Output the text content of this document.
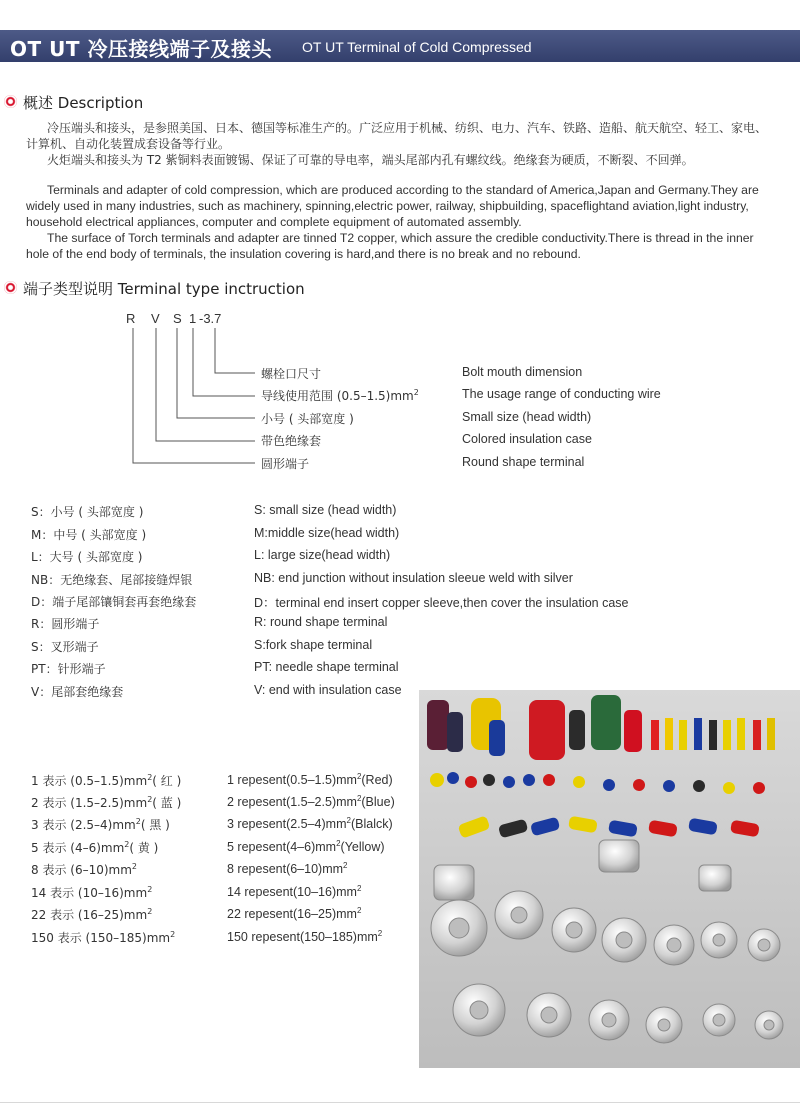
OT UT 冷压接线端子及接头 OT UT Terminal of Cold Compressed
概述 Description
冷压端头和接头，是参照美国、日本、德国等标准生产的。广泛应用于机械、纺织、电力、汽车、铁路、造船、航天航空、轻工、家电、
计算机、自动化装置成套设备等行业。
火炬端头和接头为 T2 紫铜料表面镀锡、保证了可靠的导电率，端头尾部内孔有螺纹线。绝缘套为硬质，不断裂、不回弹。
Terminals and adapter of cold compression, which are produced according to the standard of America,Japan and Germany.They are
widely used in many industries, such as machinery, spinning,electric power, railway, shipbuilding, spaceflightand aviation,light industry,
household electrical appliances, computer and complete equipment of automated assembly.
The surface of Torch terminals and adapter are tinned T2 copper, which assure the credible conductivity.There is thread in the inner
hole of the end body of terminals, the insulation covering is hard,and there is no break and no rebound.
端子类型说明 Terminal type inctruction
R V S 1 -3.7
螺栓口尺寸	Bolt mouth dimension
导线使用范围 $(0.5-1.5)mm^2$	The usage range of conducting wire
小号 ( 头部宽度 )	Small size (head width)
带色绝缘套	Colored insulation case
圆形端子	Round shape terminal
S：小号 ( 头部宽度 )	S: small size (head width)
M：中号 ( 头部宽度 )	M:middle size(head width)
L：大号 ( 头部宽度 )	L: large size(head width)
NB：无绝缘套、尾部接缝焊银	NB: end junction without insulation sleeue weld with silver
D：端子尾部镶铜套再套绝缘套	D：terminal end insert copper sleeve,then cover the insulation case
R：圆形端子	R: round shape terminal
S：叉形端子	S:fork shape terminal
PT：针形端子	PT: needle shape terminal
V：尾部套绝缘套	V: end with insulation case
1 表示 $(0.5-1.5)mm^2$( 红 )	1 $repesent(0.5-1.5)mm^2(Red)$
2 表示 $(1.5-2.5)mm^2$( 蓝 )	2 $repesent(1.5-2.5)mm^2(Blue)$
3 表示 $(2.5-4)mm^2$( 黑 )	3 $repesent(2.5-4)mm^2(Blalck)$
5 表示 $(4-6)mm^2$( 黄 )	5 $repesent(4-6)mm^2(Yellow)$
8 表示 $(6-10)mm^2$	8 $repesent(6-10)mm^2$
14 表示 $(10-16)mm^2$	14 $repesent(10-16)mm^2$
22 表示 $(16-25)mm^2$	22 $repesent(16-25)mm^2$
150 表示 $(150-185)mm^2$	150 $repesent(150-185)mm^2$
